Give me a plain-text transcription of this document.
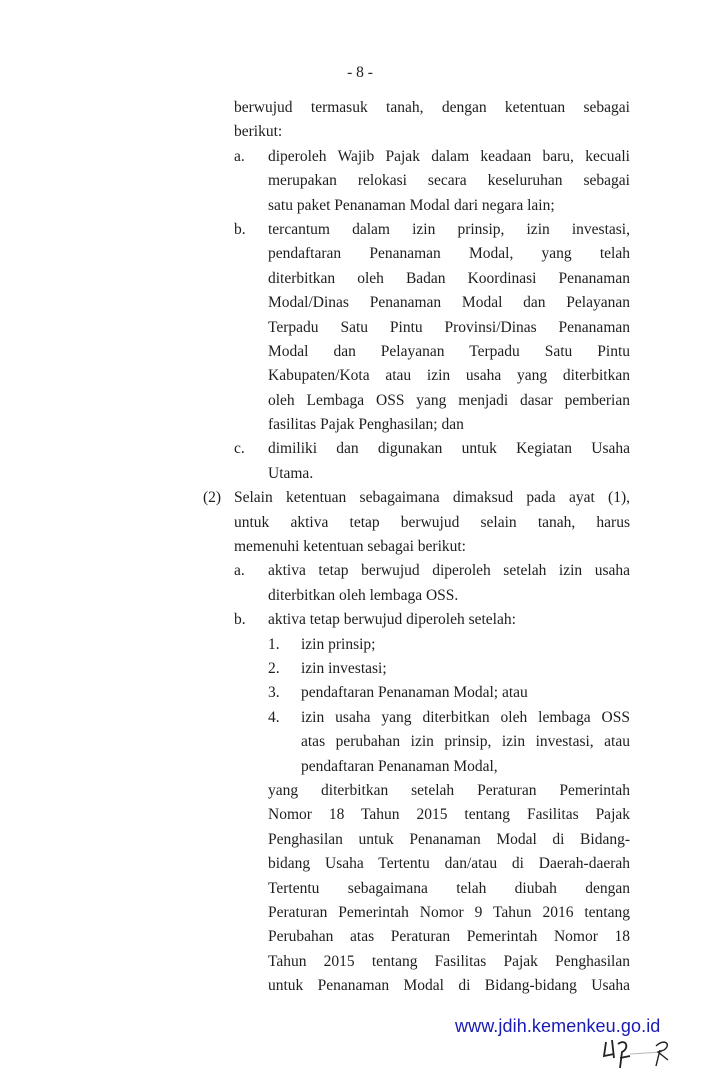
- 8 -
berwujud termasuk tanah, dengan ketentuan sebagai
berikut:
a. diperoleh Wajib Pajak dalam keadaan baru, kecuali
merupakan relokasi secara keseluruhan sebagai
satu paket Penanaman Modal dari negara lain;
b. tercantum dalam izin prinsip, izin investasi,
pendaftaran Penanaman Modal, yang telah
diterbitkan oleh Badan Koordinasi Penanaman
Modal/Dinas Penanaman Modal dan Pelayanan
Terpadu Satu Pintu Provinsi/Dinas Penanaman
Modal dan Pelayanan Terpadu Satu Pintu
Kabupaten/Kota atau izin usaha yang diterbitkan
oleh Lembaga OSS yang menjadi dasar pemberian
fasilitas Pajak Penghasilan; dan
c. dimiliki dan digunakan untuk Kegiatan Usaha
Utama.
(2) Selain ketentuan sebagaimana dimaksud pada ayat (1),
untuk aktiva tetap berwujud selain tanah, harus
memenuhi ketentuan sebagai berikut:
a. aktiva tetap berwujud diperoleh setelah izin usaha
diterbitkan oleh lembaga OSS.
b. aktiva tetap berwujud diperoleh setelah:
1. izin prinsip;
2. izin investasi;
3. pendaftaran Penanaman Modal; atau
4. izin usaha yang diterbitkan oleh lembaga OSS
atas perubahan izin prinsip, izin investasi, atau
pendaftaran Penanaman Modal,
yang diterbitkan setelah Peraturan Pemerintah
Nomor 18 Tahun 2015 tentang Fasilitas Pajak
Penghasilan untuk Penanaman Modal di Bidang-
bidang Usaha Tertentu dan/atau di Daerah-daerah
Tertentu sebagaimana telah diubah dengan
Peraturan Pemerintah Nomor 9 Tahun 2016 tentang
Perubahan atas Peraturan Pemerintah Nomor 18
Tahun 2015 tentang Fasilitas Pajak Penghasilan
untuk Penanaman Modal di Bidang-bidang Usaha
www.jdih.kemenkeu.go.id
